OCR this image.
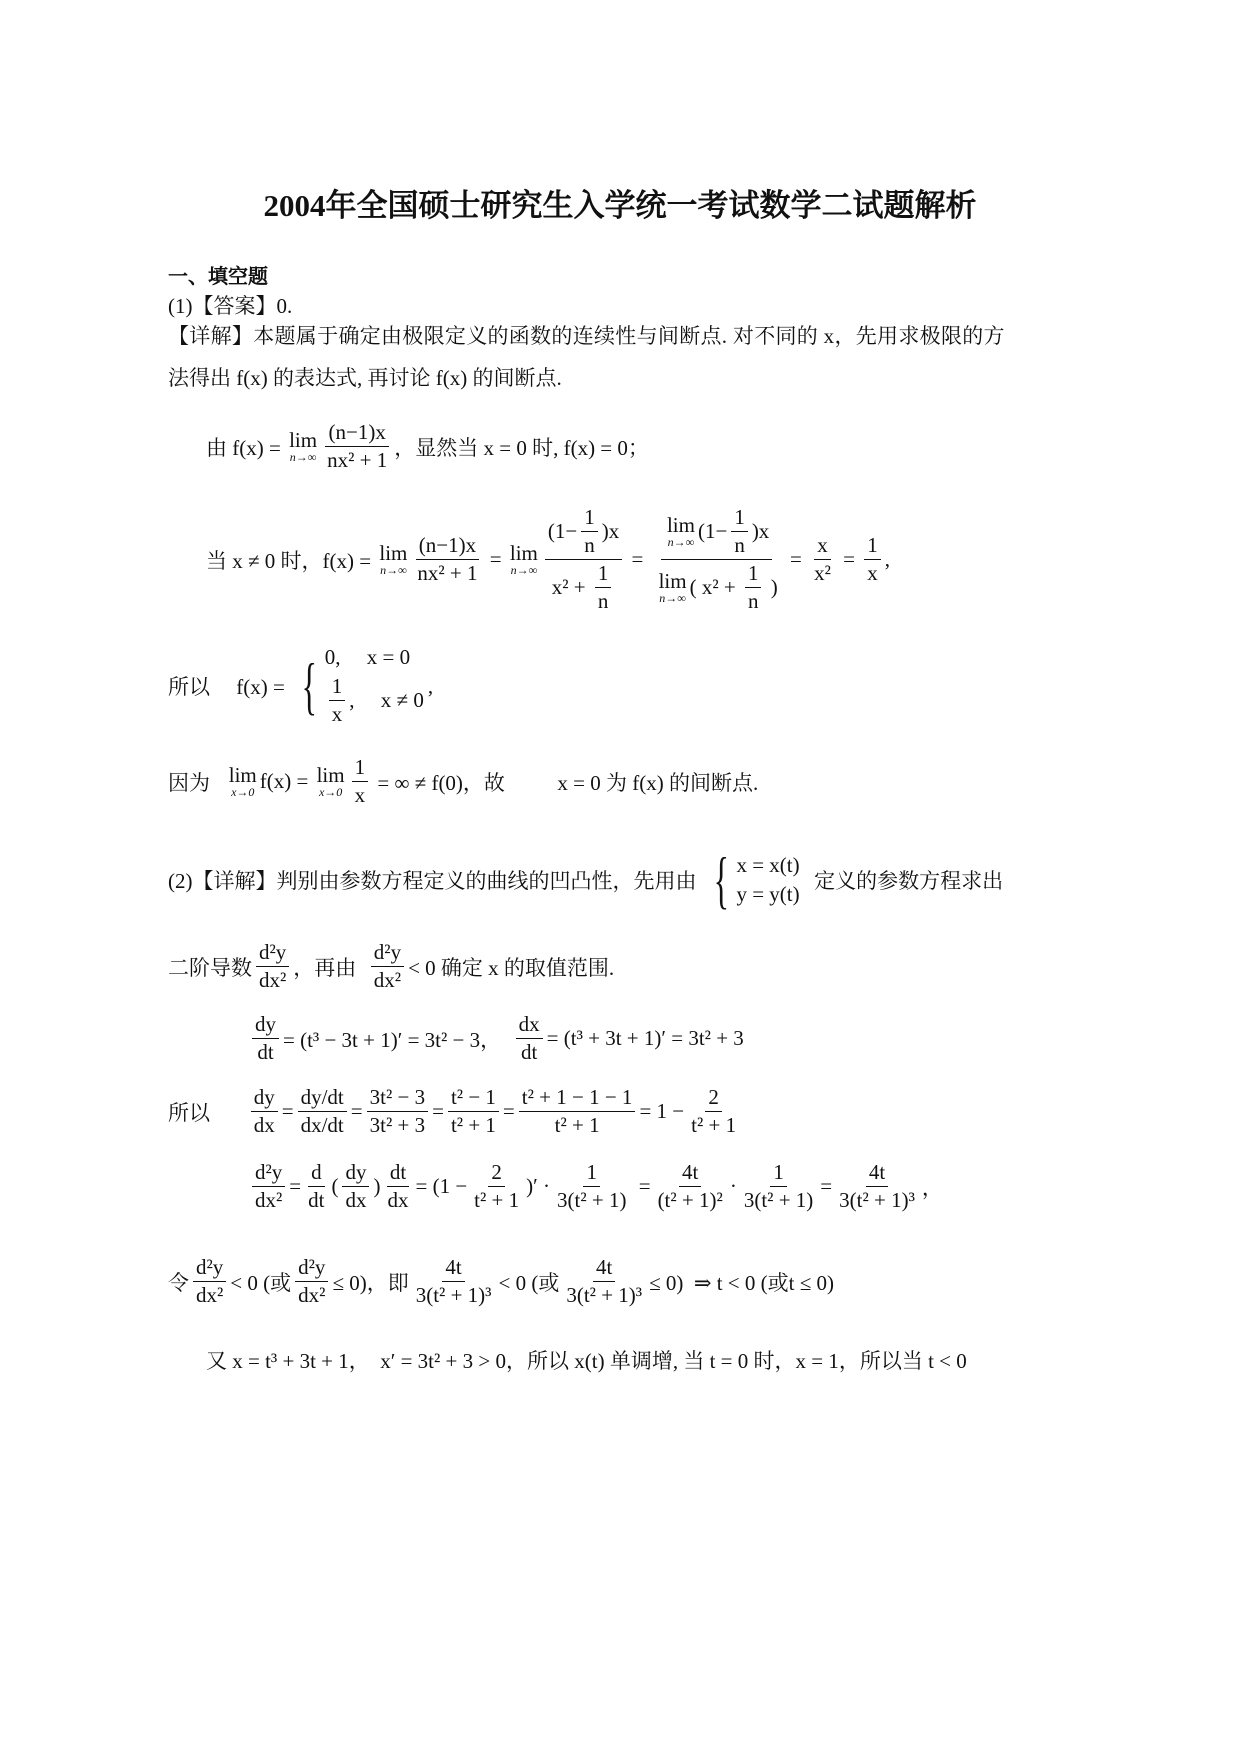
2004年全国硕士研究生入学统一考试数学二试题解析
一、填空题
(1)【答案】0.
【详解】本题属于确定由极限定义的函数的连续性与间断点. 对不同的 x，先用求极限的方
法得出 f(x) 的表达式, 再讨论 f(x) 的间断点.
由 f(x) = lim
$n\to\infty \frac{(n-1)x}{\text{nx² + 1}}$ ，显然当 x = 0 时, f(x) = 0；
当 x ≠ 0 时，f(x) = lim
$n\to\infty \frac{(n-1)x}{\text{nx² + 1}} = \lim$
$n\to\infty \frac{(1- \frac{1}{n} )x}{x^2 + \frac{1}{n}} = \lim$
n→∞ $(1- \frac{1}{n} )x$
lim
n→∞ ( $x^2 + \frac{1}{n}$ ) = $\frac{x}{\text{x²}} = \frac{1}{x}$ ,
所以     f(x) = { 0,     x = 0
$\frac{1}{x}$ ,     x ≠ 0
,
因为 lim
x→0 f(x) = lim
$x\to 0 \frac{1}{x}$ = ∞ ≠ f(0)，故          x = 0 为 f(x) 的间断点.
(2)【详解】判别由参数方程定义的曲线的凹凸性，先用由 { x = x(t)
y = y(t)
定义的参数方程求出
二阶导数 $\frac{\text{d²y}}{\text{dx²}}$ ，再由 $\frac{\text{d²y}}{\text{dx²}} < 0$ 确定 x 的取值范围.
$\frac{dy}{dt} = (t^3 - 3t + 1)' = 3t^2 - 3$， $\frac{dx}{dt} = (t^3 + 3t + 1)' = 3t^2 + 3$
所以 $\frac{dy}{dx} = \frac{dy/dt}{dx/dt} = \frac{\text{3t² − 3}}{\text{3t² + 3}} = \frac{\text{t² − 1}}{\text{t² + 1}} = \frac{\text{t² + 1 − 1 − 1}}{\text{t² + 1}} = 1 - \frac{2}{\text{t² + 1}}$
$\frac{\text{d²y}}{\text{dx²}} = \frac{d}{dt}$ ( $\frac{dy}{dx}$ ) $\frac{dt}{dx} = (1 - \frac{2}{\text{t² + 1}}$ )′ · $\frac{1}{\text{3(t² + 1)}} = \frac{4t}{\text{(t² + 1)²}} \cdot \frac{1}{\text{3(t² + 1)}} = \frac{4t}{\text{3(t² + 1)³}}$ ，
令 $\frac{\text{d²y}}{\text{dx²}} < 0$ (或 $\frac{\text{d²y}}{\text{dx²}} \le 0$)，即 $\frac{4t}{\text{3(t² + 1)³}} < 0$ (或 $\frac{4t}{\text{3(t² + 1)³}} \le 0$)  ⇒ t < 0 (或t ≤ 0)
又 x = t³ + 3t + 1，  x′ = 3t² + 3 > 0，所以 x(t) 单调增, 当 t = 0 时，x = 1，所以当 t < 0
